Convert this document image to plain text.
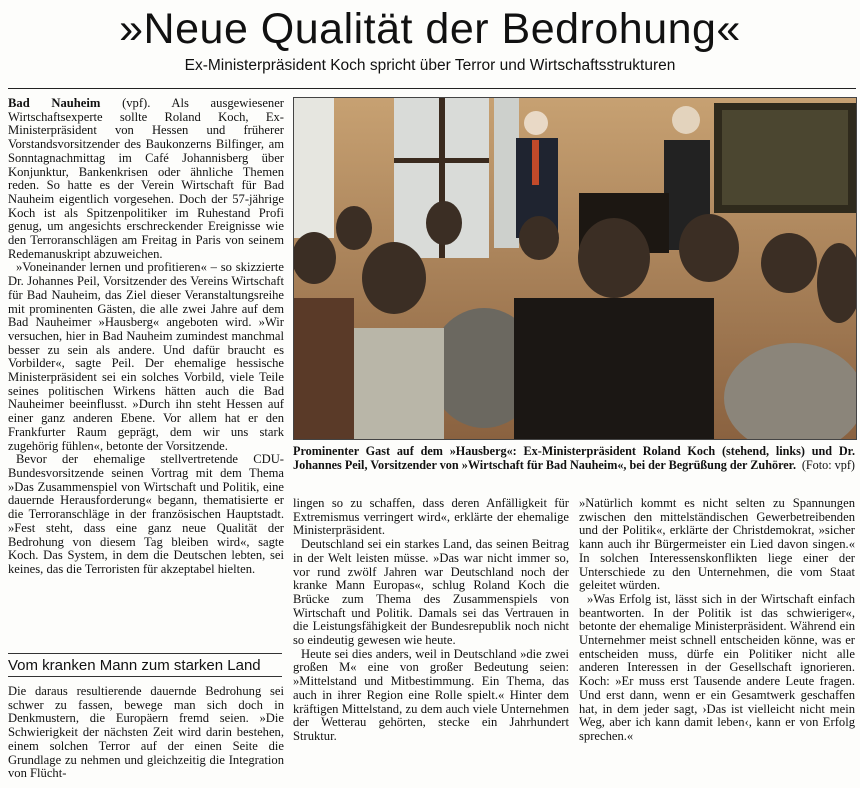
»Neue Qualität der Bedrohung«
Ex-Ministerpräsident Koch spricht über Terror und Wirtschaftsstrukturen

Bad Nauheim (vpf). Als ausgewiesener Wirtschaftsexperte sollte Roland Koch, Ex-Ministerpräsident von Hessen und früherer Vorstandsvorsitzender des Baukonzerns Bilfinger, am Sonntagnachmittag im Café Johannisberg über Konjunktur, Bankenkrisen oder ähnliche Themen reden. So hatte es der Verein Wirtschaft für Bad Nauheim eigentlich vorgesehen. Doch der 57-jährige Koch ist als Spitzenpolitiker im Ruhestand Profi genug, um angesichts erschreckender Ereignisse wie den Terroranschlägen am Freitag in Paris von seinem Redemanuskript abzuweichen.

»Voneinander lernen und profitieren« – so skizzierte Dr. Johannes Peil, Vorsitzender des Vereins Wirtschaft für Bad Nauheim, das Ziel dieser Veranstaltungsreihe mit prominenten Gästen, die alle zwei Jahre auf dem Bad Nauheimer »Hausberg« angeboten wird. »Wir versuchen, hier in Bad Nauheim zumindest manchmal besser zu sein als andere. Und dafür braucht es Vorbilder«, sagte Peil. Der ehemalige hessische Ministerpräsident sei ein solches Vorbild, viele Teile seines politischen Wirkens hätten auch die Bad Nauheimer beeinflusst. »Durch ihn steht Hessen auf einer ganz anderen Ebene. Vor allem hat er den Frankfurter Raum geprägt, dem wir uns stark zugehörig fühlen«, betonte der Vorsitzende.

Bevor der ehemalige stellvertretende CDU-Bundesvorsitzende seinen Vortrag mit dem Thema »Das Zusammenspiel von Wirtschaft und Politik, eine dauernde Herausforderung« begann, thematisierte er die Terroranschläge in der französischen Hauptstadt. »Fest steht, dass eine ganz neue Qualität der Bedrohung von diesem Tag bleiben wird«, sagte Koch. Das System, in dem die Deutschen lebten, sei keines, das die Terroristen für akzeptabel hielten.

Vom kranken Mann zum starken Land

Die daraus resultierende dauernde Bedrohung sei schwer zu fassen, bewege man sich doch in Denkmustern, die Europäern fremd seien. »Die Schwierigkeit der nächsten Zeit wird darin bestehen, einem solchen Terror auf der einen Seite die Grundlage zu nehmen und gleichzeitig die Integration von Flücht-

Prominenter Gast auf dem »Hausberg«: Ex-Ministerpräsident Roland Koch (stehend, links) und Dr. Johannes Peil, Vorsitzender von »Wirtschaft für Bad Nauheim«, bei der Begrüßung der Zuhörer. (Foto: vpf)

lingen so zu schaffen, dass deren Anfälligkeit für Extremismus verringert wird«, erklärte der ehemalige Ministerpräsident.

Deutschland sei ein starkes Land, das seinen Beitrag in der Welt leisten müsse. »Das war nicht immer so, vor rund zwölf Jahren war Deutschland noch der kranke Mann Europas«, schlug Roland Koch die Brücke zum Thema des Zusammenspiels von Wirtschaft und Politik. Damals sei das Vertrauen in die Leistungsfähigkeit der Bundesrepublik noch nicht so eindeutig gewesen wie heute.

Heute sei dies anders, weil in Deutschland »die zwei großen M« eine von großer Bedeutung seien: »Mittelstand und Mitbestimmung. Ein Thema, das auch in ihrer Region eine Rolle spielt.« Hinter dem kräftigen Mittelstand, zu dem auch viele Unternehmen der Wetterau gehörten, stecke ein Jahrhundert Struktur.

»Natürlich kommt es nicht selten zu Spannungen zwischen den mittelständischen Gewerbetreibenden und der Politik«, erklärte der Christdemokrat, »sicher kann auch ihr Bürgermeister ein Lied davon singen.« In solchen Interessenskonflikten liege einer der Unterschiede zu den Unternehmen, die vom Staat geleitet würden.

»Was Erfolg ist, lässt sich in der Wirtschaft einfach beantworten. In der Politik ist das schwieriger«, betonte der ehemalige Ministerpräsident. Während ein Unternehmer meist schnell entscheiden könne, was er entscheiden muss, dürfe ein Politiker nicht alle anderen Interessen in der Gesellschaft ignorieren. Koch: »Er muss erst Tausende andere Leute fragen. Und erst dann, wenn er ein Gesamtwerk geschaffen hat, in dem jeder sagt, ›Das ist vielleicht nicht mein Weg, aber ich kann damit leben‹, kann er von Erfolg sprechen.«
